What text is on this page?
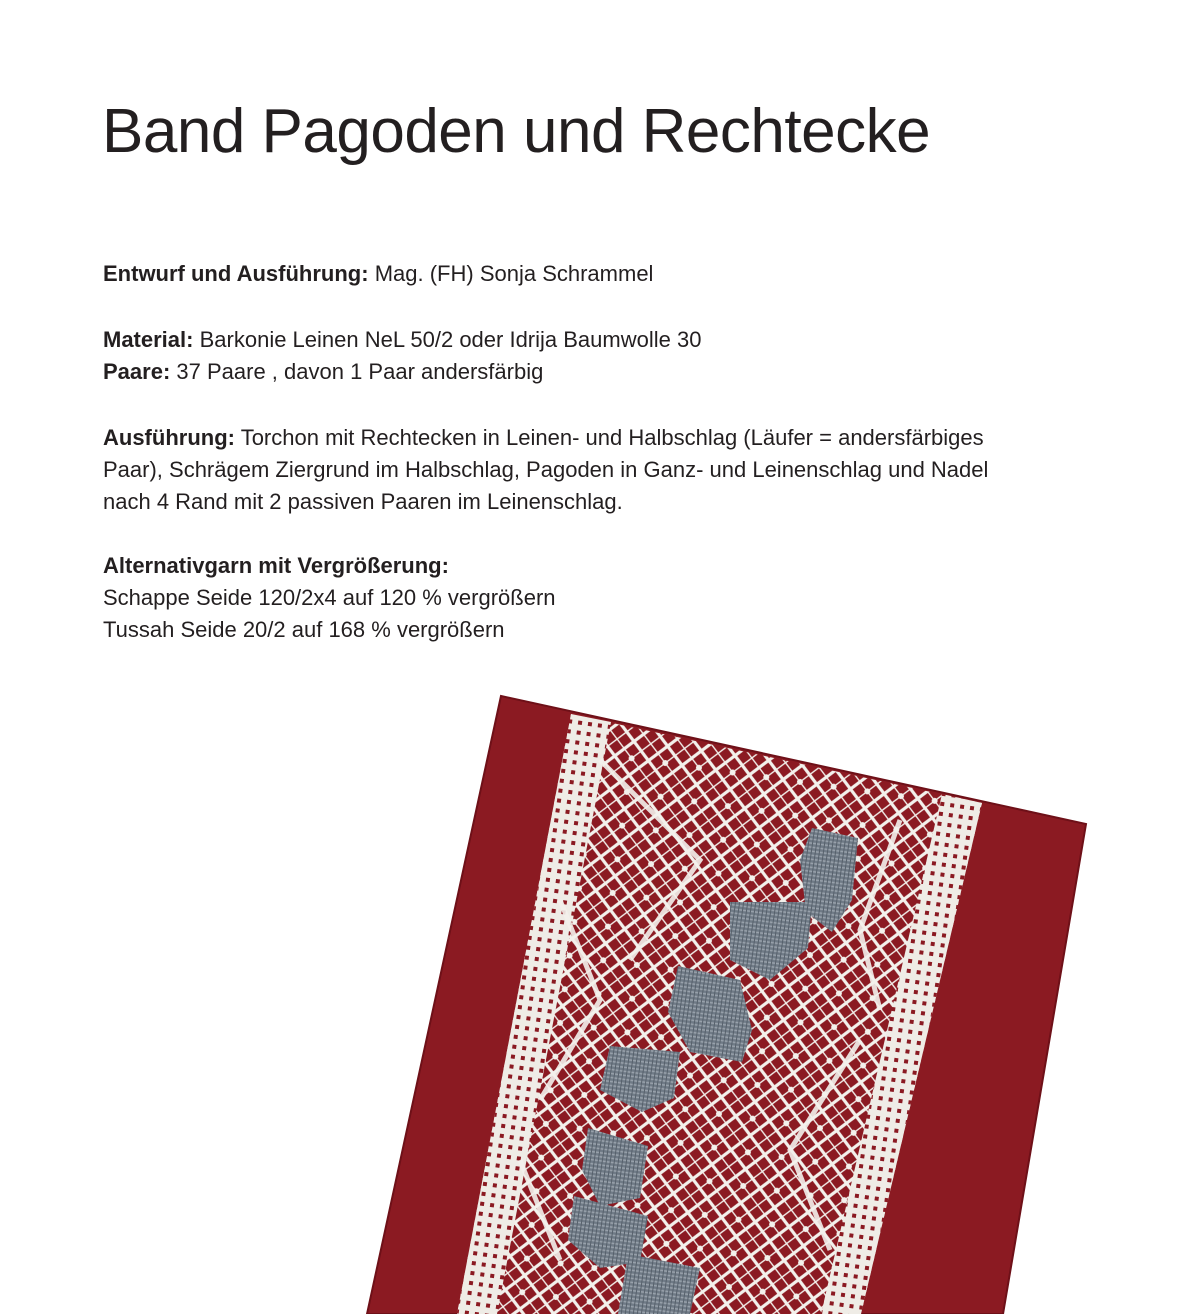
Band Pagoden und Rechtecke

Entwurf und Ausführung: Mag. (FH) Sonja Schrammel

Material: Barkonie Leinen NeL 50/2 oder Idrija Baumwolle 30
Paare: 37 Paare , davon 1 Paar andersfärbig
Ausführung: Torchon mit Rechtecken in Leinen- und Halbschlag (Läufer = andersfärbiges
Paar), Schrägem Ziergrund im Halbschlag, Pagoden in Ganz- und Leinenschlag und Nadel
nach 4 Rand mit 2 passiven Paaren im Leinenschlag.
Alternativgarn mit Vergrößerung:
Schappe Seide 120/2x4 auf 120 % vergrößern
Tussah Seide 20/2 auf 168 % vergrößern
